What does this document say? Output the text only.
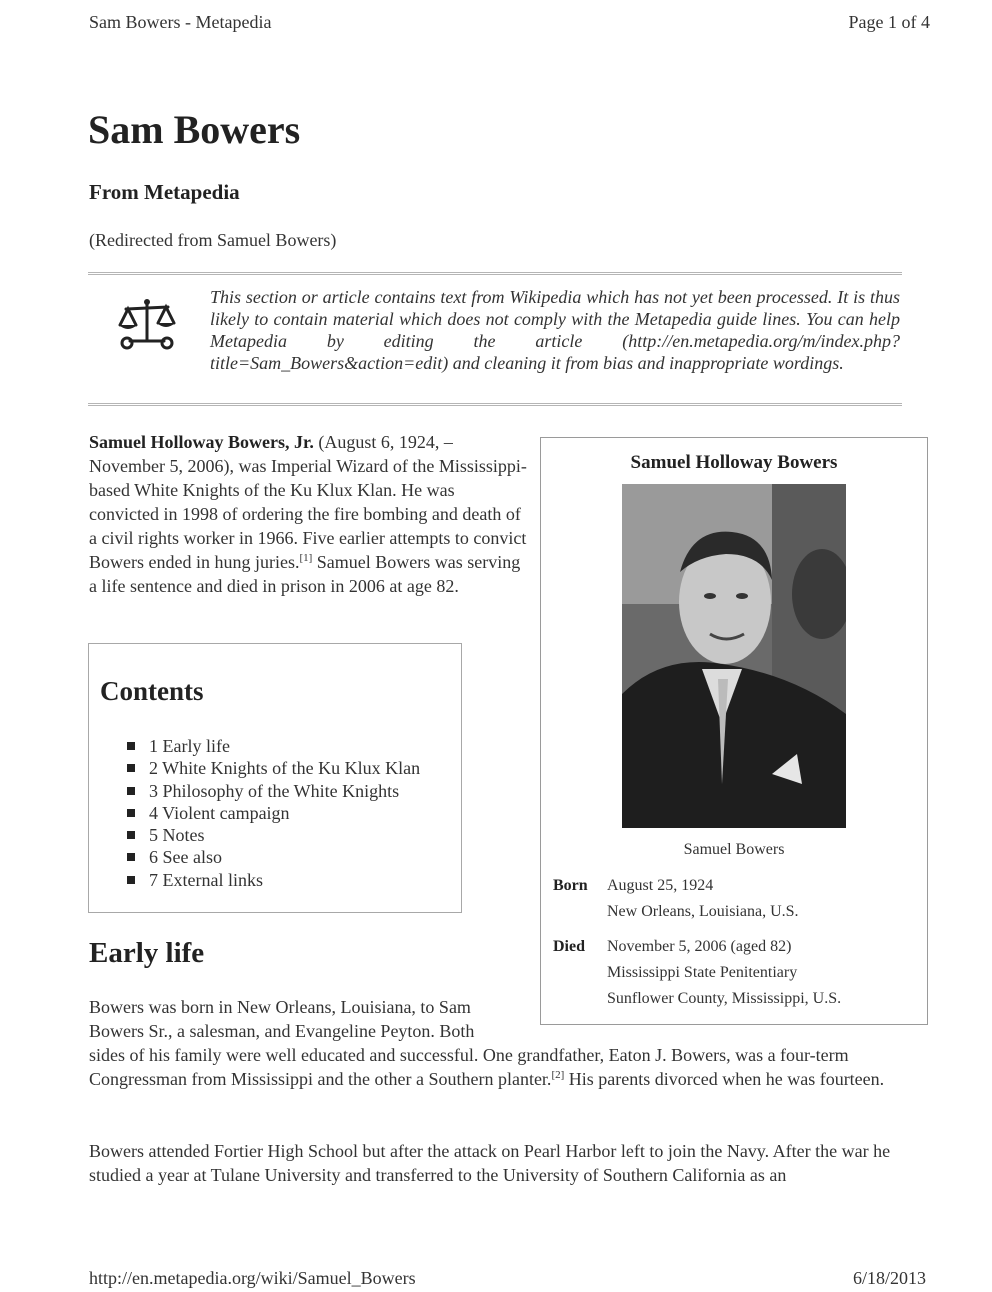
Sam Bowers - Metapedia	Page 1 of 4
Sam Bowers
From Metapedia
(Redirected from Samuel Bowers)
This section or article contains text from Wikipedia which has not yet been processed. It is thus likely to contain material which does not comply with the Metapedia guide lines. You can help Metapedia by editing the article (http://en.metapedia.org/m/index.php?title=Sam_Bowers&action=edit) and cleaning it from bias and inappropriate wordings.
Samuel Holloway Bowers, Jr. (August 6, 1924, – November 5, 2006), was Imperial Wizard of the Mississippi-based White Knights of the Ku Klux Klan. He was convicted in 1998 of ordering the fire bombing and death of a civil rights worker in 1966. Five earlier attempts to convict Bowers ended in hung juries.[1] Samuel Bowers was serving a life sentence and died in prison in 2006 at age 82.
Samuel Holloway Bowers
Samuel Bowers
Born August 25, 1924
New Orleans, Louisiana, U.S.
Died November 5, 2006 (aged 82)
Mississippi State Penitentiary
Sunflower County, Mississippi, U.S.
Contents
1 Early life
2 White Knights of the Ku Klux Klan
3 Philosophy of the White Knights
4 Violent campaign
5 Notes
6 See also
7 External links
Early life
Bowers was born in New Orleans, Louisiana, to Sam
Bowers Sr., a salesman, and Evangeline Peyton. Both
sides of his family were well educated and successful. One grandfather, Eaton J. Bowers, was a four-term Congressman from Mississippi and the other a Southern planter.[2] His parents divorced when he was fourteen.
Bowers attended Fortier High School but after the attack on Pearl Harbor left to join the Navy. After the war he studied a year at Tulane University and transferred to the University of Southern California as an
http://en.metapedia.org/wiki/Samuel_Bowers	6/18/2013
